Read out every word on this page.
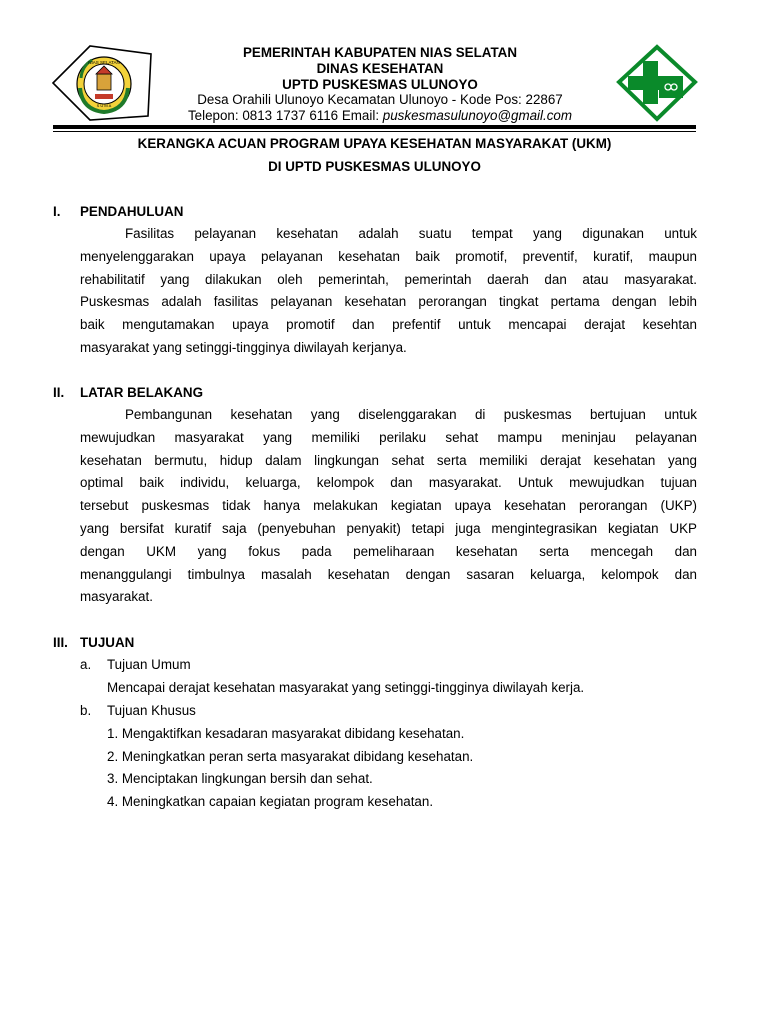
NIAS SELATAN
S U M A
PEMERINTAH KABUPATEN NIAS SELATAN
DINAS KESEHATAN
UPTD PUSKESMAS ULUNOYO
Desa Orahili Ulunoyo Kecamatan Ulunoyo - Kode Pos: 22867
Telepon: 0813 1737 6116 Email: puskesmasulunoyo@gmail.com
KERANGKA ACUAN PROGRAM UPAYA KESEHATAN MASYARAKAT (UKM)
DI UPTD PUSKESMAS ULUNOYO
I. PENDAHULUAN
Fasilitas pelayanan kesehatan adalah suatu tempat yang digunakan untuk
menyelenggarakan upaya pelayanan kesehatan baik promotif, preventif, kuratif, maupun
rehabilitatif yang dilakukan oleh pemerintah, pemerintah daerah dan atau masyarakat.
Puskesmas adalah fasilitas pelayanan kesehatan perorangan tingkat pertama dengan lebih
baik mengutamakan upaya promotif dan prefentif untuk mencapai derajat kesehtan
masyarakat yang setinggi-tingginya diwilayah kerjanya.
II. LATAR BELAKANG
Pembangunan kesehatan yang diselenggarakan di puskesmas bertujuan untuk
mewujudkan masyarakat yang memiliki perilaku sehat mampu meninjau pelayanan
kesehatan bermutu, hidup dalam lingkungan sehat serta memiliki derajat kesehatan yang
optimal baik individu, keluarga, kelompok dan masyarakat. Untuk mewujudkan tujuan
tersebut puskesmas tidak hanya melakukan kegiatan upaya kesehatan perorangan (UKP)
yang bersifat kuratif saja (penyebuhan penyakit) tetapi juga mengintegrasikan kegiatan UKP
dengan UKM yang fokus pada pemeliharaan kesehatan serta mencegah dan
menanggulangi timbulnya masalah kesehatan dengan sasaran keluarga, kelompok dan
masyarakat.
III. TUJUAN
a. Tujuan Umum
Mencapai derajat kesehatan masyarakat yang setinggi-tingginya diwilayah kerja.
b. Tujuan Khusus
1. Mengaktifkan kesadaran masyarakat dibidang kesehatan.
2. Meningkatkan peran serta masyarakat dibidang kesehatan.
3. Menciptakan lingkungan bersih dan sehat.
4. Meningkatkan capaian kegiatan program kesehatan.
